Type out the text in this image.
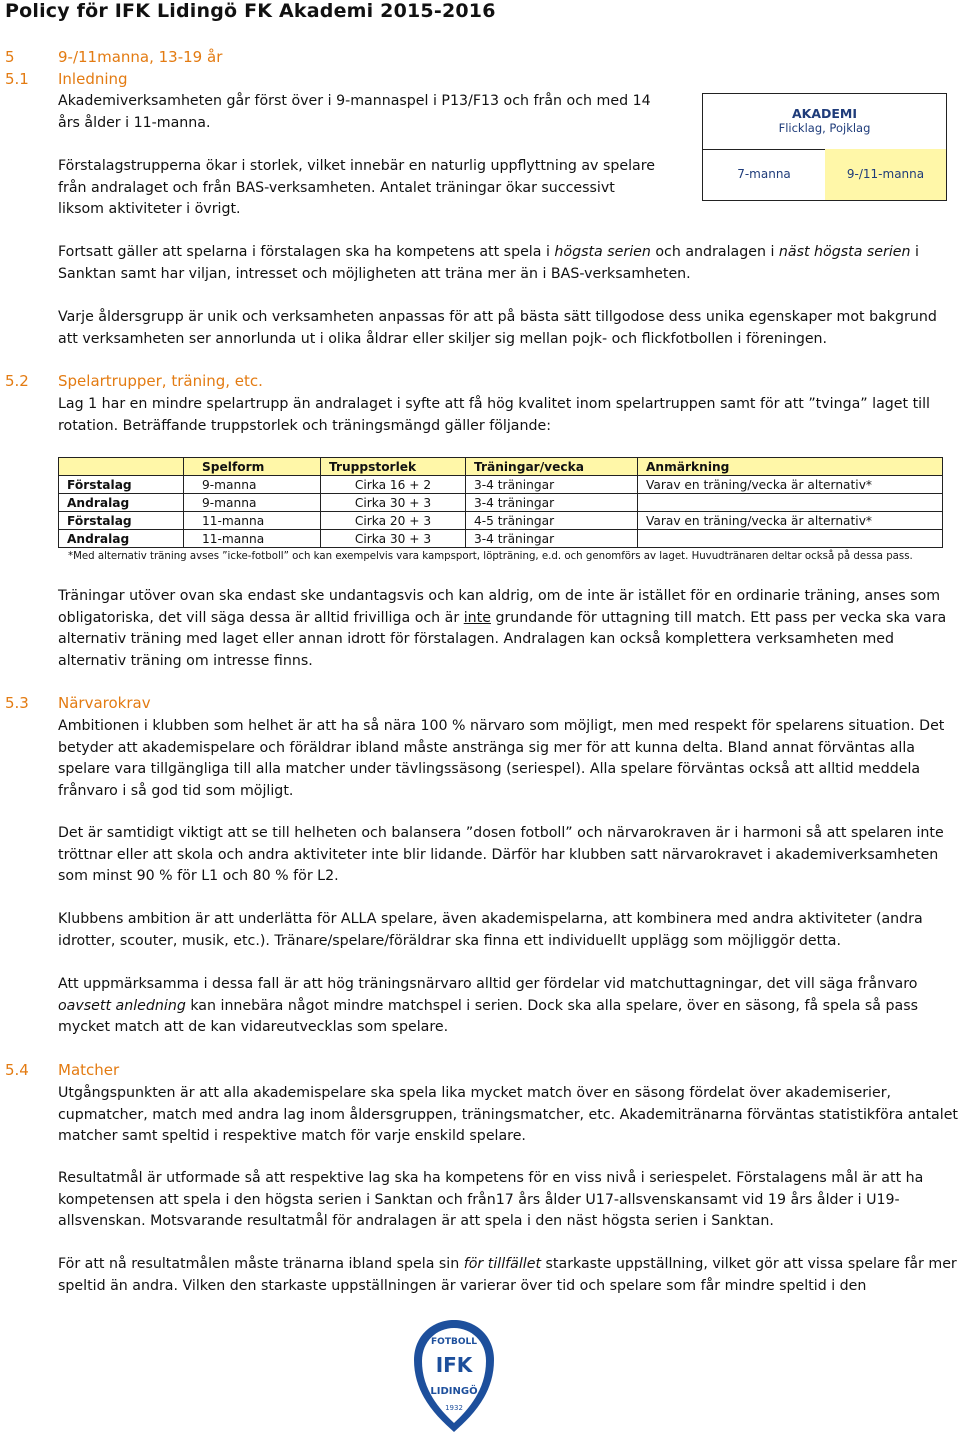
Policy för IFK Lidingö FK Akademi 2015-2016
5	9-/11manna, 13-19 år
5.1 Inledning

Akademiverksamheten går först över i 9-mannaspel i P13/F13 och från och med 14 års ålder i 11-manna.

Förstalagstrupperna ökar i storlek, vilket innebär en naturlig uppflyttning av spelare från andralaget och från BAS-verksamheten. Antalet träningar ökar successivt liksom aktiviteter i övrigt.

AKADEMI
Flicklag, Pojklag
7-manna	9-/11-manna

Fortsatt gäller att spelarna i förstalagen ska ha kompetens att spela i högsta serien och andralagen i näst högsta serien i Sanktan samt har viljan, intresset och möjligheten att träna mer än i BAS-verksamheten.

Varje åldersgrupp är unik och verksamheten anpassas för att på bästa sätt tillgodose dess unika egenskaper mot bakgrund att verksamheten ser annorlunda ut i olika åldrar eller skiljer sig mellan pojk- och flickfotbollen i föreningen.

5.2 Spelartrupper, träning, etc.

Lag 1 har en mindre spelartrupp än andralaget i syfte att få hög kvalitet inom spelartruppen samt för att ”tvinga” laget till rotation. Beträffande truppstorlek och träningsmängd gäller följande:

	Spelform	Truppstorlek	Träningar/vecka	Anmärkning
Förstalag	9-manna	Cirka 16 + 2	3-4 träningar	Varav en träning/vecka är alternativ*
Andralag	9-manna	Cirka 30 + 3	3-4 träningar	
Förstalag	11-manna	Cirka 20 + 3	4-5 träningar	Varav en träning/vecka är alternativ*
Andralag	11-manna	Cirka 30 + 3	3-4 träningar	
*Med alternativ träning avses ”icke-fotboll” och kan exempelvis vara kampsport, löpträning, e.d. och genomförs av laget. Huvudtränaren deltar också på dessa pass.

Träningar utöver ovan ska endast ske undantagsvis och kan aldrig, om de inte är istället för en ordinarie träning, anses som obligatoriska, det vill säga dessa är alltid frivilliga och är inte grundande för uttagning till match. Ett pass per vecka ska vara alternativ träning med laget eller annan idrott för förstalagen. Andralagen kan också komplettera verksamheten med alternativ träning om intresse finns.

5.3 Närvarokrav

Ambitionen i klubben som helhet är att ha så nära 100 % närvaro som möjligt, men med respekt för spelarens situation. Det betyder att akademispelare och föräldrar ibland måste anstränga sig mer för att kunna delta. Bland annat förväntas alla spelare vara tillgängliga till alla matcher under tävlingssäsong (seriespel). Alla spelare förväntas också att alltid meddela frånvaro i så god tid som möjligt.

Det är samtidigt viktigt att se till helheten och balansera ”dosen fotboll” och närvarokraven är i harmoni så att spelaren inte tröttnar eller att skola och andra aktiviteter inte blir lidande. Därför har klubben satt närvarokravet i akademiverksamheten som minst 90 % för L1 och 80 % för L2.

Klubbens ambition är att underlätta för ALLA spelare, även akademispelarna, att kombinera med andra aktiviteter (andra idrotter, scouter, musik, etc.). Tränare/spelare/föräldrar ska finna ett individuellt upplägg som möjliggör detta.

Att uppmärksamma i dessa fall är att hög träningsnärvaro alltid ger fördelar vid matchuttagningar, det vill säga frånvaro oavsett anledning kan innebära något mindre matchspel i serien. Dock ska alla spelare, över en säsong, få spela så pass mycket match att de kan vidareutvecklas som spelare.

5.4 Matcher

Utgångspunkten är att alla akademispelare ska spela lika mycket match över en säsong fördelat över akademiserier, cupmatcher, match med andra lag inom åldersgruppen, träningsmatcher, etc. Akademitränarna förväntas statistikföra antalet matcher samt speltid i respektive match för varje enskild spelare.

Resultatmål är utformade så att respektive lag ska ha kompetens för en viss nivå i seriespelet. Förstalagens mål är att ha kompetensen att spela i den högsta serien i Sanktan och från17 års ålder U17-allsvenskansamt vid 19 års ålder i U19-allsvenskan. Motsvarande resultatmål för andralagen är att spela i den näst högsta serien i Sanktan.

För att nå resultatmålen måste tränarna ibland spela sin för tillfället starkaste uppställning, vilket gör att vissa spelare får mer speltid än andra. Vilken den starkaste uppställningen är varierar över tid och spelare som får mindre speltid i den

FOTBOLL
IFK
LIDINGÖ
1932
